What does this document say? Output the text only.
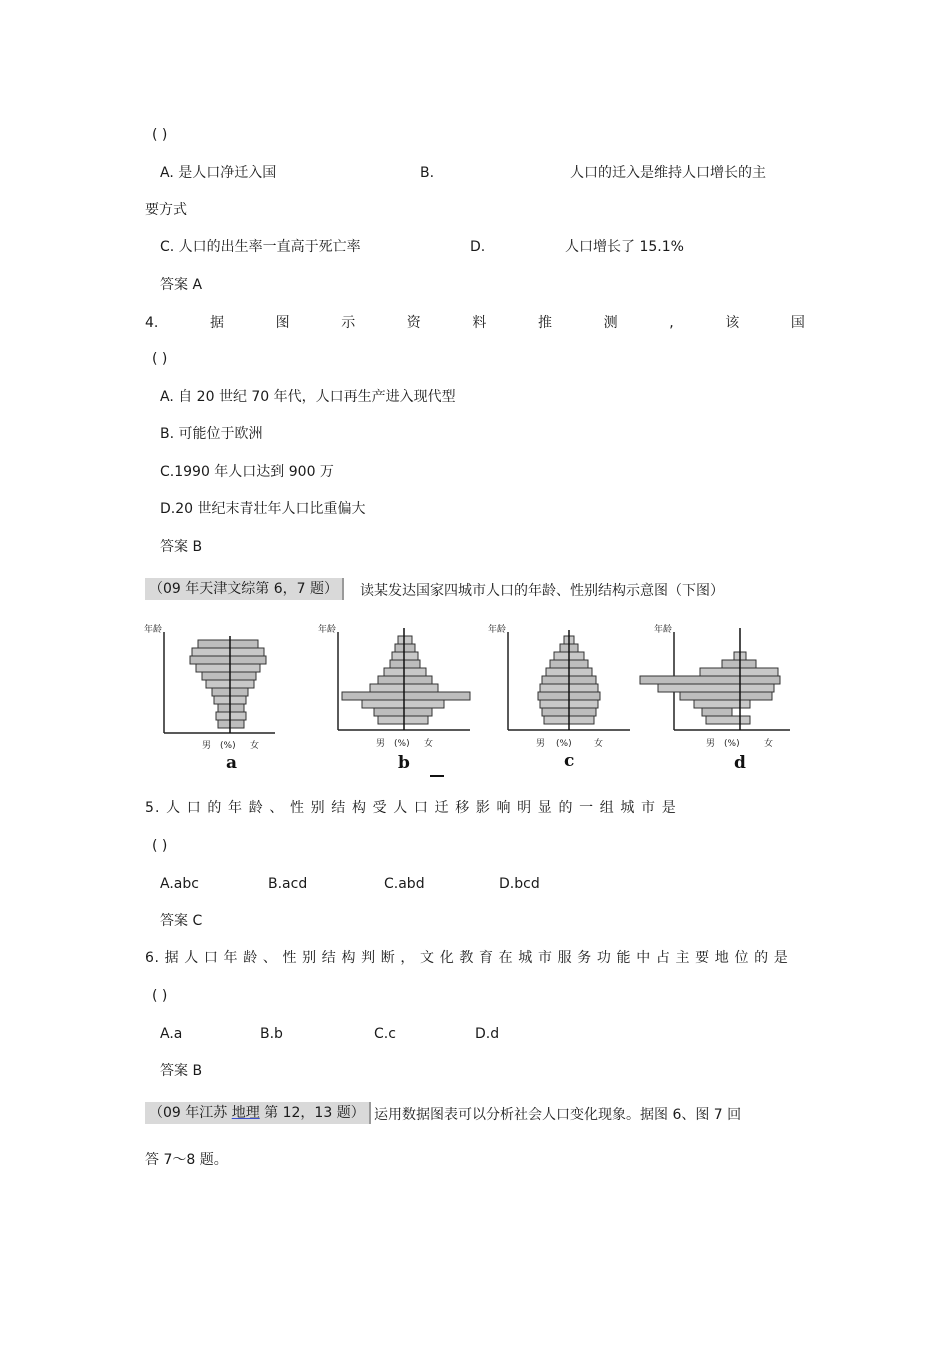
( )
A. 是人口净迁入国	B.	人口的迁入是维持人口增长的主
要方式
C. 人口的出生率一直高于死亡率	D.	人口增长了 15.1%
答案 A
4.	据	图	示	资	料	推	测	,	该	国
( )
A. 自 20 世纪 70 年代，人口再生产进入现代型
B. 可能位于欧洲
C.1990 年人口达到 900 万
D.20 世纪末青壮年人口比重偏大
答案 B
（09 年天津文综第 6，7 题）	读某发达国家四城市人口的年龄、性别结构示意图（下图）
年龄
男 (%) 女
a
年龄
男 (%) 女
b
年龄
男 (%) 女
c
年龄
男 (%)	女
d
5. 人 口 的 年 龄 、 性 别 结 构 受 人 口 迁 移 影 响 明 显 的 一 组 城 市 是
( )
A.abc	B.acd	C.abd	D.bcd
答案 C
6. 据 人 口 年 龄 、 性 别 结 构 判 断 ， 文 化 教 育 在 城 市 服 务 功 能 中 占 主 要 地 位 的 是
( )
A.a	B.b	C.c	D.d
答案 B
（09 年江苏 地理 第 12，13 题） 运用数据图表可以分析社会人口变化现象。据图 6、图 7 回
答 7～8 题。
